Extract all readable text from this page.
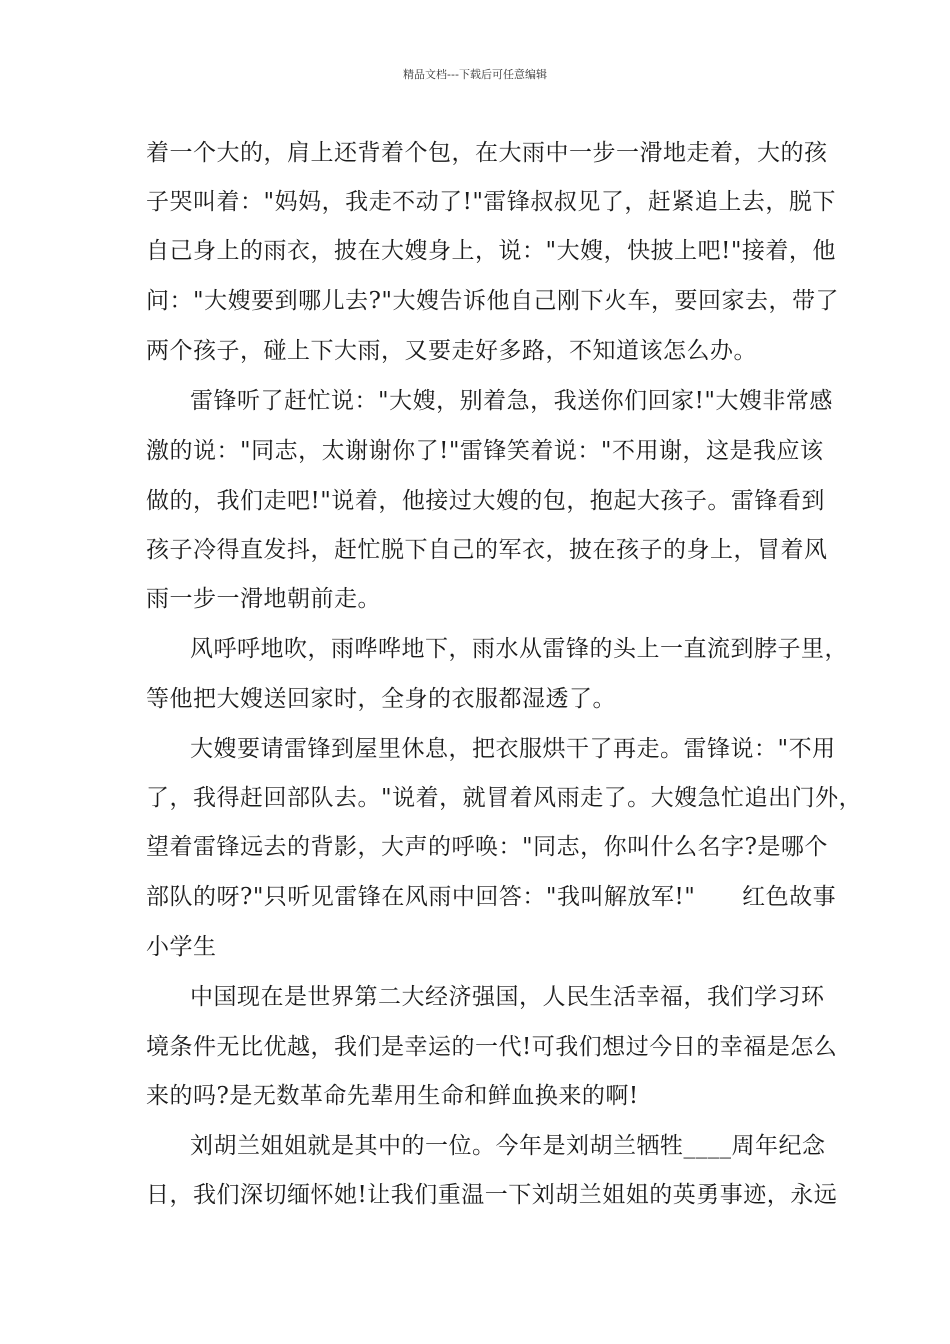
精品文档---下载后可任意编辑
着一个大的，肩上还背着个包，在大雨中一步一滑地走着，大的孩
子哭叫着："妈妈，我走不动了!"雷锋叔叔见了，赶紧追上去，脱下
自己身上的雨衣，披在大嫂身上，说："大嫂，快披上吧!"接着，他
问："大嫂要到哪儿去?"大嫂告诉他自己刚下火车，要回家去，带了
两个孩子，碰上下大雨，又要走好多路，不知道该怎么办。
雷锋听了赶忙说："大嫂，别着急，我送你们回家!"大嫂非常感
激的说："同志，太谢谢你了!"雷锋笑着说："不用谢，这是我应该
做的，我们走吧!"说着，他接过大嫂的包，抱起大孩子。雷锋看到
孩子冷得直发抖，赶忙脱下自己的军衣，披在孩子的身上，冒着风
雨一步一滑地朝前走。
风呼呼地吹，雨哗哗地下，雨水从雷锋的头上一直流到脖子里，
等他把大嫂送回家时，全身的衣服都湿透了。
大嫂要请雷锋到屋里休息，把衣服烘干了再走。雷锋说："不用
了，我得赶回部队去。"说着，就冒着风雨走了。大嫂急忙追出门外，
望着雷锋远去的背影，大声的呼唤："同志，你叫什么名字?是哪个
部队的呀?"只听见雷锋在风雨中回答："我叫解放军!"      红色故事
小学生
中国现在是世界第二大经济强国，人民生活幸福，我们学习环
境条件无比优越，我们是幸运的一代!可我们想过今日的幸福是怎么
来的吗?是无数革命先辈用生命和鲜血换来的啊!
刘胡兰姐姐就是其中的一位。今年是刘胡兰牺牲____周年纪念
日，我们深切缅怀她!让我们重温一下刘胡兰姐姐的英勇事迹，永远
